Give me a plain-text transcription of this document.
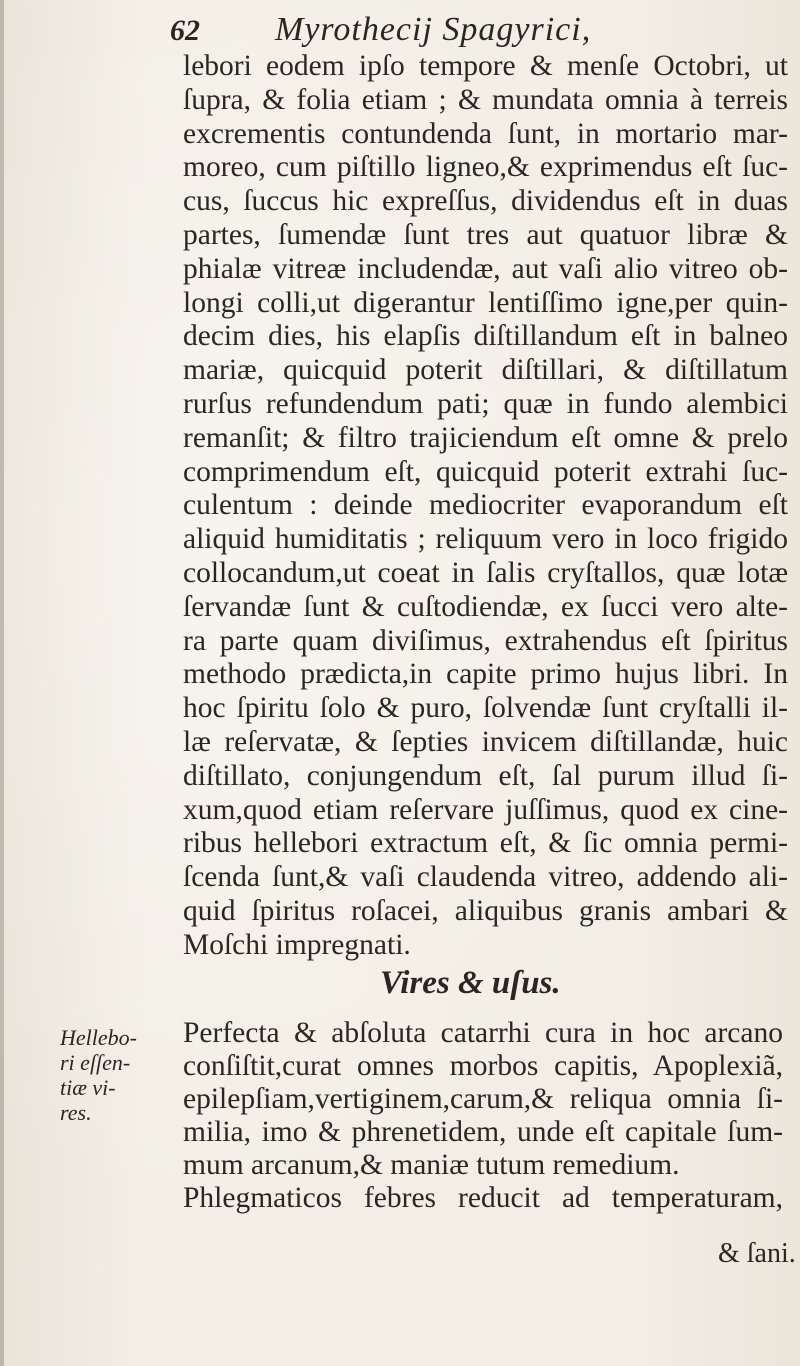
62 Myrothecij Spagyrici,
lebori eodem ipſo tempore & menſe Octobri, ut
ſupra, & folia etiam ; & mundata omnia à terreis
excrementis contundenda ſunt, in mortario mar-
moreo, cum piſtillo ligneo,& exprimendus eſt ſuc-
cus, ſuccus hic expreſſus, dividendus eſt in duas
partes, ſumendæ ſunt tres aut quatuor libræ &
phialæ vitreæ includendæ, aut vaſi alio vitreo ob-
longi colli,ut digerantur lentiſſimo igne,per quin-
decim dies, his elapſis diſtillandum eſt in balneo
mariæ, quicquid poterit diſtillari, & diſtillatum
rurſus refundendum pati; quæ in fundo alembici
remanſit; & filtro trajiciendum eſt omne & prelo
comprimendum eſt, quicquid poterit extrahi ſuc-
culentum : deinde mediocriter evaporandum eſt
aliquid humiditatis ; reliquum vero in loco frigido
collocandum,ut coeat in ſalis cryſtallos, quæ lotæ
ſervandæ ſunt & cuſtodiendæ, ex ſucci vero alte-
ra parte quam diviſimus, extrahendus eſt ſpiritus
methodo prædicta,in capite primo hujus libri. In
hoc ſpiritu ſolo & puro, ſolvendæ ſunt cryſtalli il-
læ reſervatæ, & ſepties invicem diſtillandæ, huic
diſtillato, conjungendum eſt, ſal purum illud ſi-
xum,quod etiam reſervare juſſimus, quod ex cine-
ribus hellebori extractum eſt, & ſic omnia permi-
ſcenda ſunt,& vaſi claudenda vitreo, addendo ali-
quid ſpiritus roſacei, aliquibus granis ambari &
Moſchi impregnati.
Vires & uſus.
Hellebo-
ri eſſen-
tiæ vi-
res.
Perfecta & abſoluta catarrhi cura in hoc arcano
conſiſtit,curat omnes morbos capitis, Apoplexiã,
epilepſiam,vertiginem,carum,& reliqua omnia ſi-
milia, imo & phrenetidem, unde eſt capitale ſum-
mum arcanum,& maniæ tutum remedium.
Phlegmaticos febres reducit ad temperaturam,
& ſani.
